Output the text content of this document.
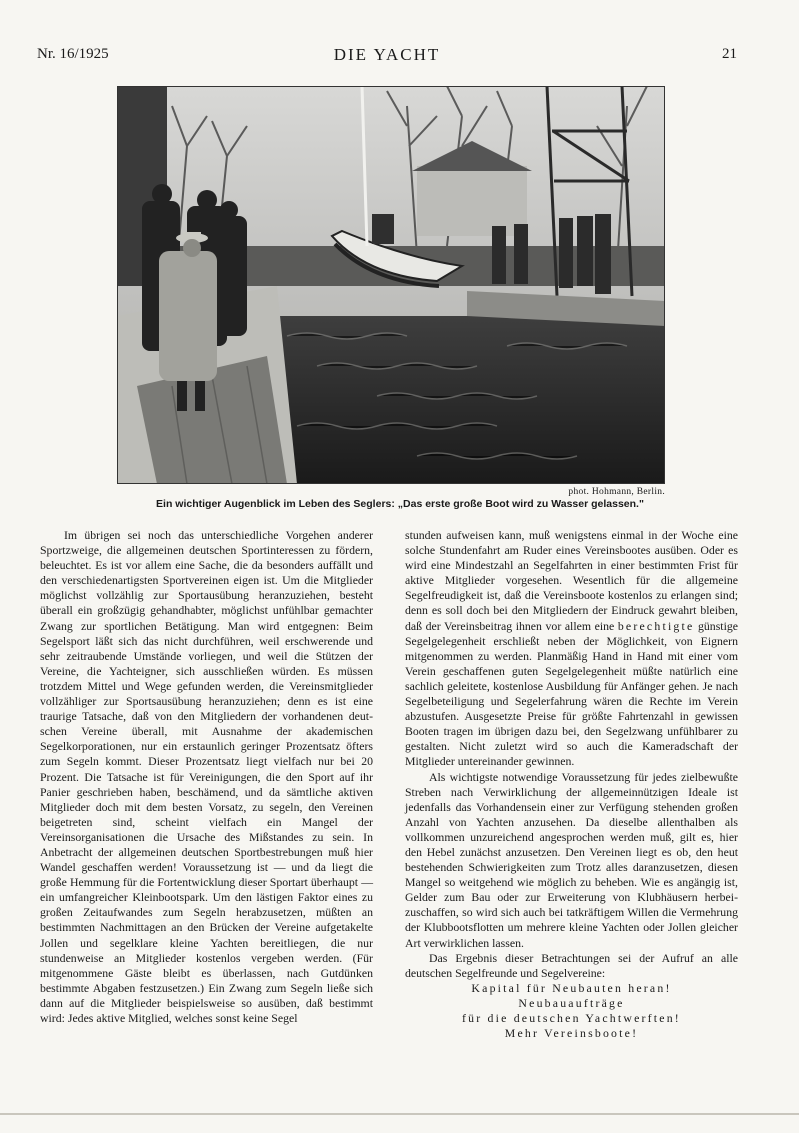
Nr. 16/1925	DIE YACHT	21
phot. Hohmann, Berlin.
Ein wichtiger Augenblick im Leben des Seglers: „Das erste große Boot wird zu Wasser gelassen."

Im übrigen sei noch das unterschiedliche Vorgehen anderer Sportzweige, die allgemeinen deutschen Sportinteressen zu fördern, beleuchtet. Es ist vor allem eine Sache, die da besonders auffällt und den verschiedenartigsten Sportvereinen eigen ist. Um die Mitglieder möglichst vollzählig zur Sportausübung heranzuziehen, besteht überall ein großzügig gehandhabter, möglichst unfühlbar gemachter Zwang zur sportlichen Betätigung. Man wird entgegnen: Beim Segelsport läßt sich das nicht durchführen, weil erschwerende und sehr zeitraubende Umstände vorliegen, und weil die Stützen der Vereine, die Yachteigner, sich ausschließen würden. Es müssen trotzdem Mittel und Wege gefunden werden, die Vereinsmitglieder vollzähliger zur Sportsausübung heranzuziehen; denn es ist eine traurige Tatsache, daß von den Mitgliedern der vorhandenen deutschen Vereine überall, mit Ausnahme der akademischen Segelkorporationen, nur ein erstaunlich geringer Prozentsatz öfters zum Segeln kommt. Dieser Prozentsatz liegt vielfach nur bei 20 Prozent. Die Tatsache ist für Vereinigungen, die den Sport auf ihr Panier geschrieben haben, beschämend, und da sämtliche aktiven Mitglieder doch mit dem besten Vorsatz, zu segeln, den Vereinen beigetreten sind, scheint vielfach ein Mangel der Vereinsorganisationen die Ursache des Mißstandes zu sein. In Anbetracht der allgemeinen deutschen Sportbestrebungen muß hier Wandel geschaffen werden! Voraussetzung ist — und da liegt die große Hemmung für die Fortentwicklung dieser Sportart überhaupt — ein umfangreicher Kleinbootspark. Um den lästigen Faktor eines zu großen Zeitaufwandes zum Segeln herabzusetzen, müßten an bestimmten Nachmittagen an den Brücken der Vereine aufgetakelte Jollen und segelklare kleine Yachten bereitliegen, die nur stundenweise an Mitglieder kostenlos vergeben werden. (Für mitgenommene Gäste bleibt es überlassen, nach Gutdünken bestimmte Abgaben festzusetzen.) Ein Zwang zum Segeln ließe sich dann auf die Mitglieder beispielsweise so ausüben, daß bestimmt wird: Jedes aktive Mitglied, welches sonst keine Segel

stunden aufweisen kann, muß wenigstens einmal in der Woche eine solche Stundenfahrt am Ruder eines Vereinsbootes ausüben. Oder es wird eine Mindestzahl an Segelfahrten in einer bestimmten Frist für aktive Mitglieder vorgesehen. Wesentlich für die allgemeine Segelfreudigkeit ist, daß die Vereinsboote kostenlos zu erlangen sind; denn es soll doch bei den Mitgliedern der Eindruck gewahrt bleiben, daß der Vereinsbeitrag ihnen vor allem eine berechtigte günstige Segelgelegenheit erschließt neben der Möglichkeit, von Eignern mitgenommen zu werden. Planmäßig Hand in Hand mit einer vom Verein geschaffenen guten Segelgelegenheit müßte natürlich eine sachlich geleitete, kostenlose Ausbildung für Anfänger gehen. Je nach Segelbeteiligung und Segelerfahrung wären die Rechte im Verein abzustufen. Ausgesetzte Preise für größte Fahrtenzahl in gewissen Booten tragen im übrigen dazu bei, den Segelzwang unfühlbarer zu gestalten. Nicht zuletzt wird so auch die Kameradschaft der Mitglieder untereinander gewinnen.

Als wichtigste notwendige Voraussetzung für jedes zielbewußte Streben nach Verwirklichung der allgemeinnützigen Ideale ist jedenfalls das Vorhandensein einer zur Verfügung stehenden großen Anzahl von Yachten anzusehen. Da dieselbe allenthalben als vollkommen unzureichend angesprochen werden muß, gilt es, hier den Hebel zunächst anzusetzen. Den Vereinen liegt es ob, den heut bestehenden Schwierigkeiten zum Trotz alles daranzusetzen, diesen Mangel so weitgehend wie möglich zu beheben. Wie es angängig ist, Gelder zum Bau oder zur Erweiterung von Klubhäusern herbeizuschaffen, so wird sich auch bei tatkräftigem Willen die Vermehrung der Klubbootsflotten um mehrere kleine Yachten oder Jollen gleicher Art verwirklichen lassen.

Das Ergebnis dieser Betrachtungen sei der Aufruf an alle deutschen Segelfreunde und Segelvereine:

Kapital für Neubauten heran!

Neubauaufträge

für die deutschen Yachtwerften!

Mehr Vereinsboote!
